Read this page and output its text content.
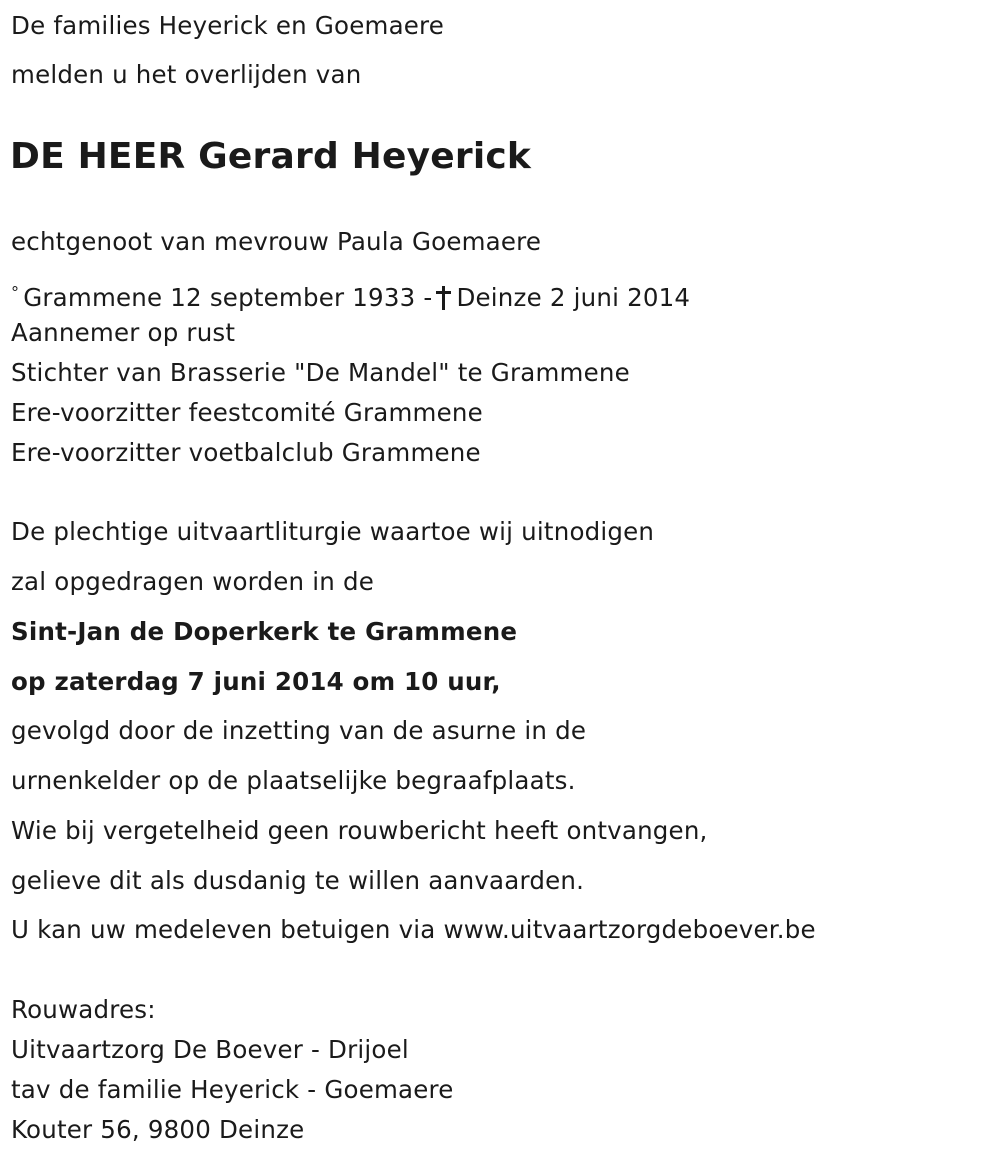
De families Heyerick en Goemaere
melden u het overlijden van
DE HEER Gerard Heyerick
echtgenoot van mevrouw Paula Goemaere
° Grammene 12 september 1933 - Deinze 2 juni 2014
Aannemer op rust
Stichter van Brasserie "De Mandel" te Grammene
Ere-voorzitter feestcomité Grammene
Ere-voorzitter voetbalclub Grammene
De plechtige uitvaartliturgie waartoe wij uitnodigen
zal opgedragen worden in de
Sint-Jan de Doperkerk te Grammene
op zaterdag 7 juni 2014 om 10 uur,
gevolgd door de inzetting van de asurne in de
urnenkelder op de plaatselijke begraafplaats.
Wie bij vergetelheid geen rouwbericht heeft ontvangen,
gelieve dit als dusdanig te willen aanvaarden.
U kan uw medeleven betuigen via www.uitvaartzorgdeboever.be
Rouwadres:
Uitvaartzorg De Boever - Drijoel
tav de familie Heyerick - Goemaere
Kouter 56, 9800 Deinze
